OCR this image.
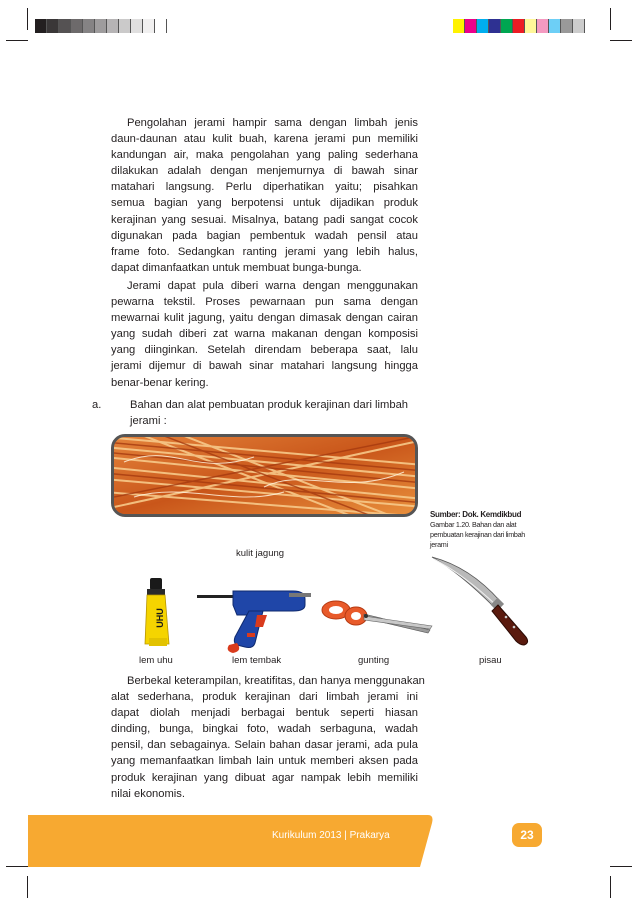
Pengolahan jerami hampir sama dengan limbah jenis
daun-daunan atau kulit buah, karena jerami pun memiliki
kandungan air, maka pengolahan yang paling sederhana
dilakukan adalah dengan menjemurnya di bawah sinar
matahari langsung. Perlu diperhatikan yaitu; pisahkan
semua bagian yang berpotensi untuk dijadikan produk
kerajinan yang sesuai. Misalnya, batang padi sangat cocok
digunakan pada bagian pembentuk wadah pensil atau
frame foto. Sedangkan ranting jerami yang lebih halus,
dapat dimanfaatkan untuk membuat bunga-bunga.

Jerami dapat pula diberi warna dengan menggunakan
pewarna tekstil. Proses pewarnaan pun sama dengan
mewarnai kulit jagung, yaitu dengan dimasak dengan cairan
yang sudah diberi zat warna makanan dengan komposisi
yang diinginkan. Setelah direndam beberapa saat, lalu
jerami dijemur di bawah sinar matahari langsung hingga
benar-benar kering.

a.	Bahan dan alat pembuatan produk kerajinan dari limbah
jerami :
kulit jagung
Sumber: Dok. Kemdikbud
Gambar 1.20. Bahan dan alat
pembuatan kerajinan dari limbah
jerami
UHU
lem uhu	lem tembak	gunting	pisau

Berbekal keterampilan, kreatifitas, dan hanya menggunakan
alat sederhana, produk kerajinan dari limbah jerami ini
dapat diolah menjadi berbagai bentuk seperti hiasan
dinding, bunga, bingkai foto, wadah serbaguna, wadah
pensil, dan sebagainya. Selain bahan dasar jerami, ada pula
yang memanfaatkan limbah lain untuk memberi aksen pada
produk kerajinan yang dibuat agar nampak lebih memiliki
nilai ekonomis.

Kurikulum 2013 | Prakarya	23
